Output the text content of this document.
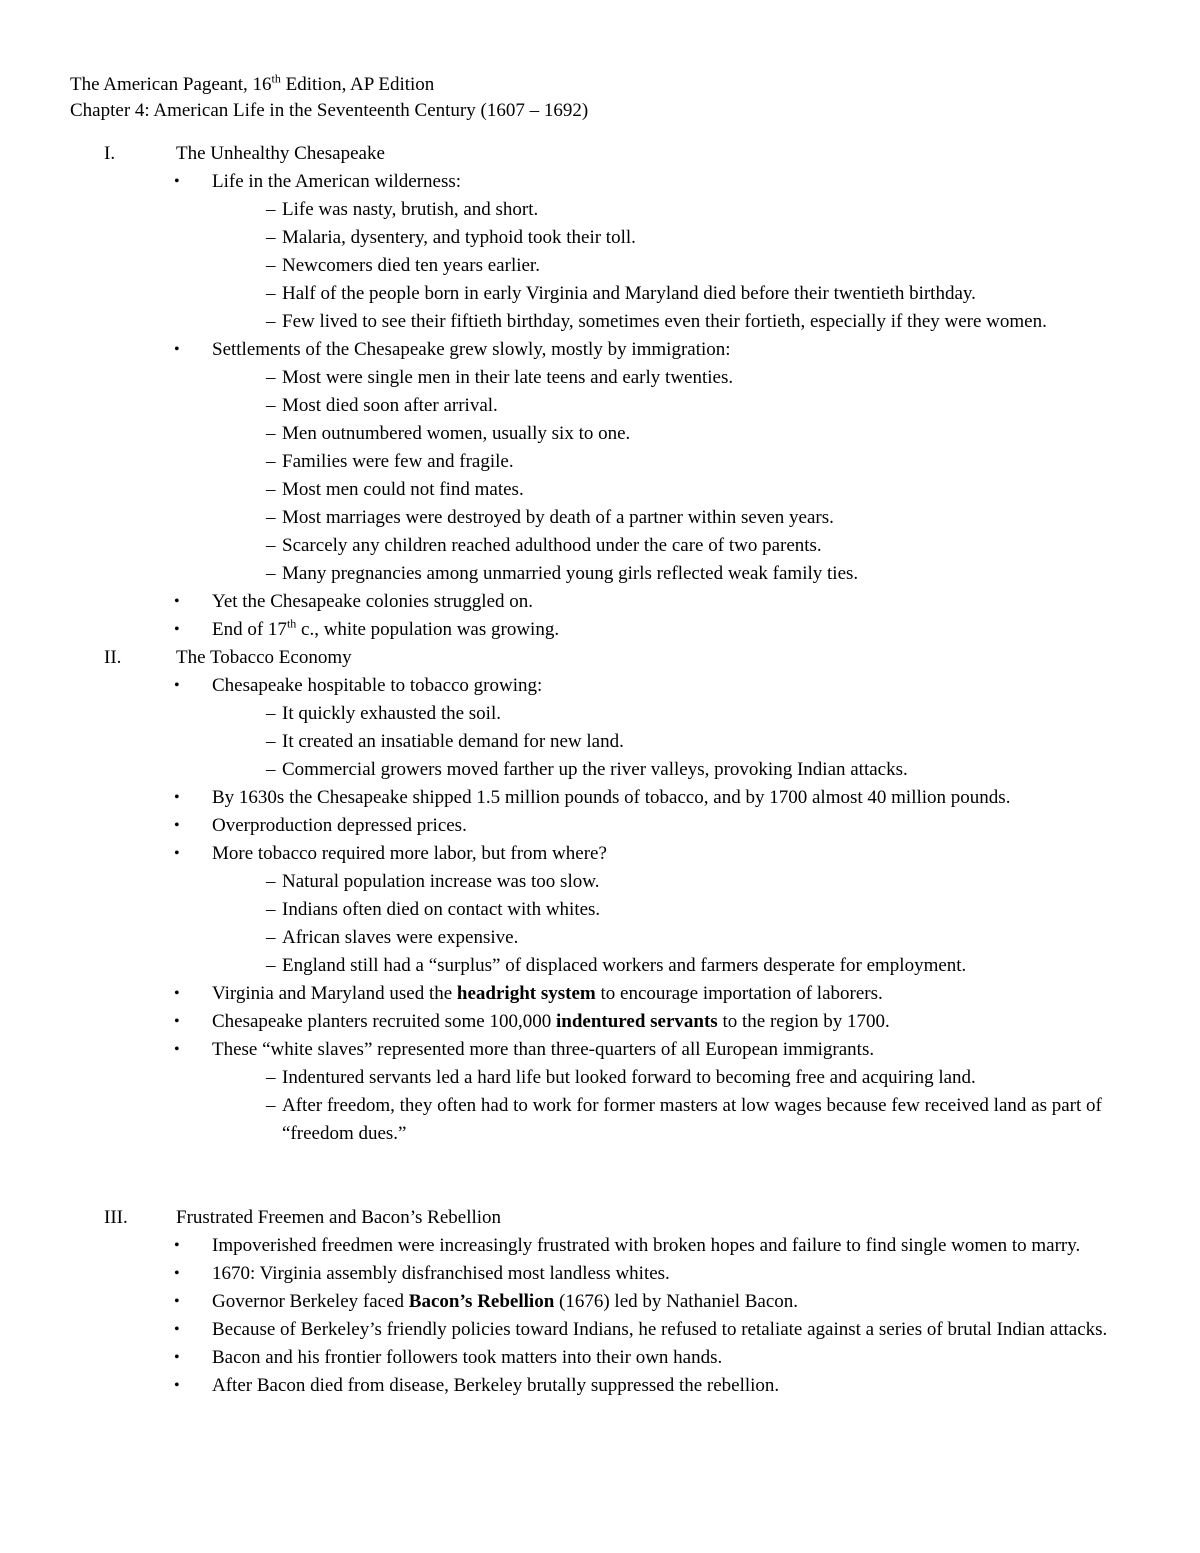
The American Pageant, 16th Edition, AP Edition
Chapter 4: American Life in the Seventeenth Century (1607 – 1692)
I.	The Unhealthy Chesapeake
• Life in the American wilderness:
– Life was nasty, brutish, and short.
– Malaria, dysentery, and typhoid took their toll.
– Newcomers died ten years earlier.
– Half of the people born in early Virginia and Maryland died before their twentieth birthday.
– Few lived to see their fiftieth birthday, sometimes even their fortieth, especially if they were women.
• Settlements of the Chesapeake grew slowly, mostly by immigration:
– Most were single men in their late teens and early twenties.
– Most died soon after arrival.
– Men outnumbered women, usually six to one.
– Families were few and fragile.
– Most men could not find mates.
– Most marriages were destroyed by death of a partner within seven years.
– Scarcely any children reached adulthood under the care of two parents.
– Many pregnancies among unmarried young girls reflected weak family ties.
• Yet the Chesapeake colonies struggled on.
• End of 17th c., white population was growing.
II.	The Tobacco Economy
• Chesapeake hospitable to tobacco growing:
– It quickly exhausted the soil.
– It created an insatiable demand for new land.
– Commercial growers moved farther up the river valleys, provoking Indian attacks.
• By 1630s the Chesapeake shipped 1.5 million pounds of tobacco, and by 1700 almost 40 million pounds.
• Overproduction depressed prices.
• More tobacco required more labor, but from where?
– Natural population increase was too slow.
– Indians often died on contact with whites.
– African slaves were expensive.
– England still had a “surplus” of displaced workers and farmers desperate for employment.
• Virginia and Maryland used the headright system to encourage importation of laborers.
• Chesapeake planters recruited some 100,000 indentured servants to the region by 1700.
• These “white slaves” represented more than three-quarters of all European immigrants.
– Indentured servants led a hard life but looked forward to becoming free and acquiring land.
– After freedom, they often had to work for former masters at low wages because few received land as part of “freedom dues.”
III.	Frustrated Freemen and Bacon’s Rebellion
• Impoverished freedmen were increasingly frustrated with broken hopes and failure to find single women to marry.
• 1670: Virginia assembly disfranchised most landless whites.
• Governor Berkeley faced Bacon’s Rebellion (1676) led by Nathaniel Bacon.
• Because of Berkeley’s friendly policies toward Indians, he refused to retaliate against a series of brutal Indian attacks.
• Bacon and his frontier followers took matters into their own hands.
• After Bacon died from disease, Berkeley brutally suppressed the rebellion.
